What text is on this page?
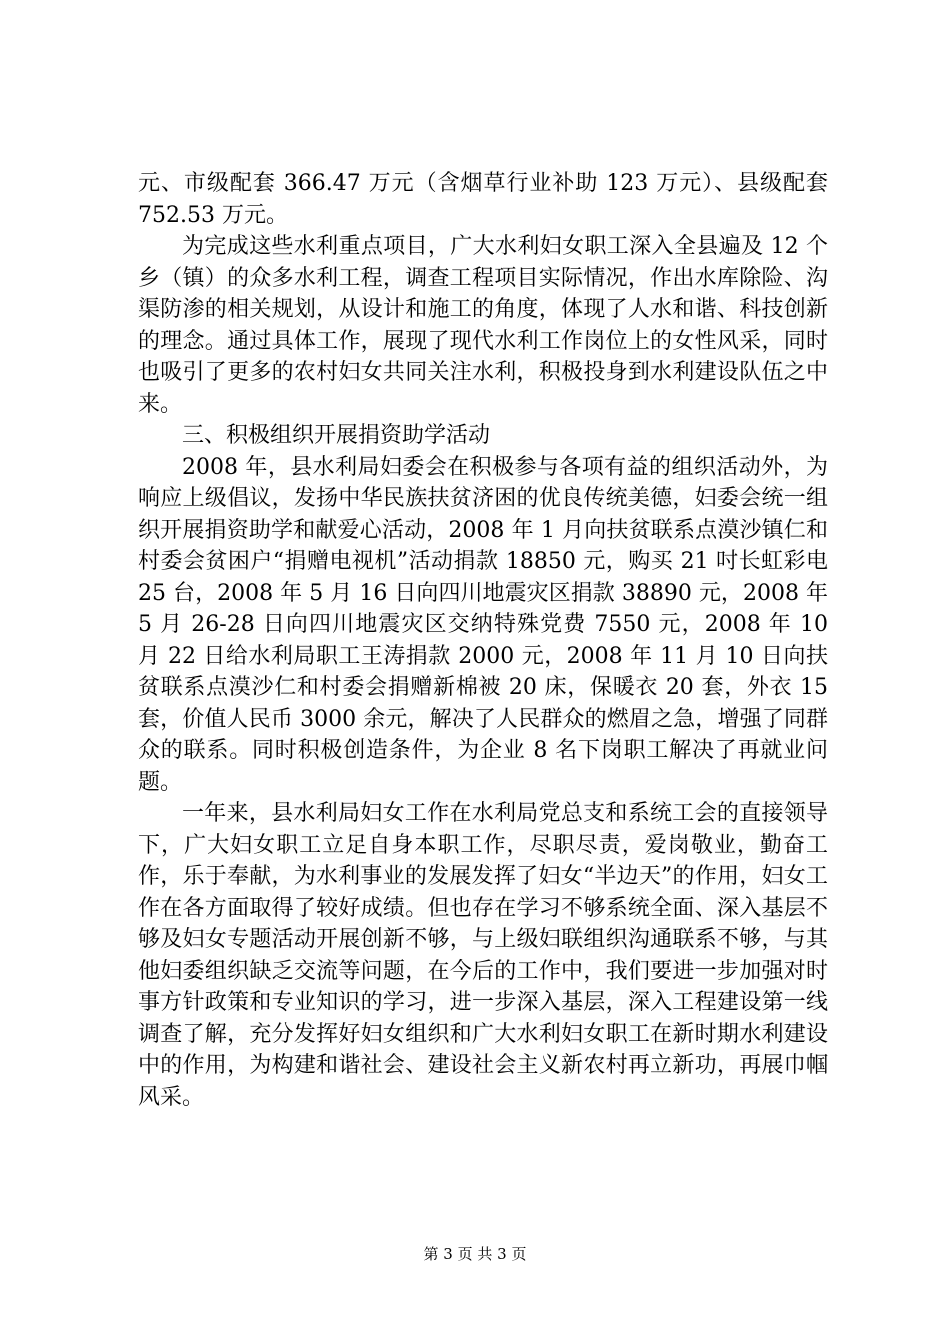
元、市级配套 366.47 万元（含烟草行业补助 123 万元）、县级配套 752.53 万元。

为完成这些水利重点项目，广大水利妇女职工深入全县遍及 12 个乡（镇）的众多水利工程，调查工程项目实际情况，作出水库除险、沟渠防渗的相关规划，从设计和施工的角度，体现了人水和谐、科技创新的理念。通过具体工作，展现了现代水利工作岗位上的女性风采，同时也吸引了更多的农村妇女共同关注水利，积极投身到水利建设队伍之中来。

三、积极组织开展捐资助学活动

2008 年，县水利局妇委会在积极参与各项有益的组织活动外，为响应上级倡议，发扬中华民族扶贫济困的优良传统美德，妇委会统一组织开展捐资助学和献爱心活动，2008 年 1 月向扶贫联系点漠沙镇仁和村委会贫困户“捐赠电视机”活动捐款 18850 元，购买 21 吋长虹彩电 25 台，2008 年 5 月 16 日向四川地震灾区捐款 38890 元，2008 年 5 月 26-28 日向四川地震灾区交纳特殊党费 7550 元，2008 年 10 月 22 日给水利局职工王涛捐款 2000 元，2008 年 11 月 10 日向扶贫联系点漠沙仁和村委会捐赠新棉被 20 床，保暖衣 20 套，外衣 15 套，价值人民币 3000 余元，解决了人民群众的燃眉之急，增强了同群众的联系。同时积极创造条件，为企业 8 名下岗职工解决了再就业问题。

一年来，县水利局妇女工作在水利局党总支和系统工会的直接领导下，广大妇女职工立足自身本职工作，尽职尽责，爱岗敬业，勤奋工作，乐于奉献，为水利事业的发展发挥了妇女“半边天”的作用，妇女工作在各方面取得了较好成绩。但也存在学习不够系统全面、深入基层不够及妇女专题活动开展创新不够，与上级妇联组织沟通联系不够，与其他妇委组织缺乏交流等问题，在今后的工作中，我们要进一步加强对时事方针政策和专业知识的学习，进一步深入基层，深入工程建设第一线调查了解，充分发挥好妇女组织和广大水利妇女职工在新时期水利建设中的作用，为构建和谐社会、建设社会主义新农村再立新功，再展巾帼风采。

第 3 页 共 3 页
